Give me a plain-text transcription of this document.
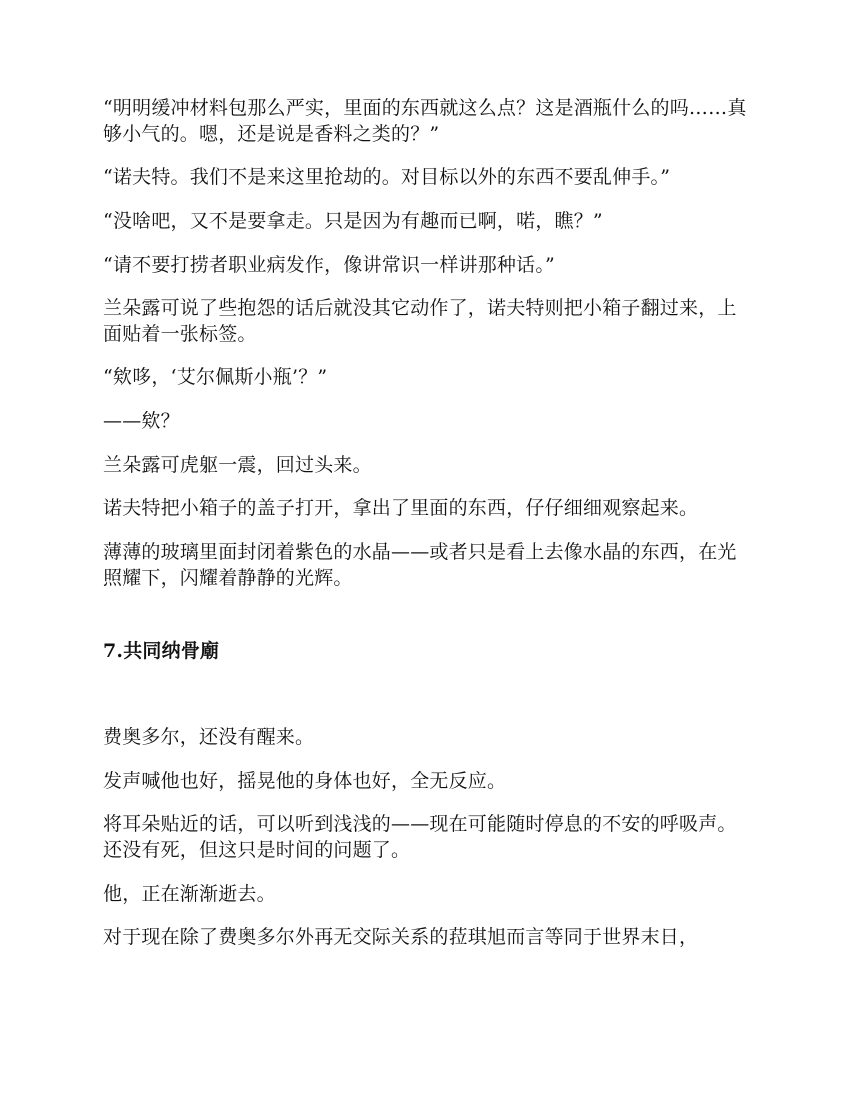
“明明缓冲材料包那么严实，里面的东西就这么点？这是酒瓶什么的吗……真够小气的。嗯，还是说是香料之类的？”

“诺夫特。我们不是来这里抢劫的。对目标以外的东西不要乱伸手。”

“没啥吧，又不是要拿走。只是因为有趣而已啊，喏，瞧？”

“请不要打捞者职业病发作，像讲常识一样讲那种话。”

兰朵露可说了些抱怨的话后就没其它动作了，诺夫特则把小箱子翻过来，上面贴着一张标签。

“欸哆，‘艾尔佩斯小瓶’？”

——欸？

兰朵露可虎躯一震，回过头来。

诺夫特把小箱子的盖子打开，拿出了里面的东西，仔仔细细观察起来。

薄薄的玻璃里面封闭着紫色的水晶——或者只是看上去像水晶的东西，在光照耀下，闪耀着静静的光辉。

7.共同纳骨廟

费奥多尔，还没有醒来。

发声喊他也好，摇晃他的身体也好，全无反应。

将耳朵贴近的话，可以听到浅浅的——现在可能随时停息的不安的呼吸声。还没有死，但这只是时间的问题了。

他，正在渐渐逝去。

对于现在除了费奥多尔外再无交际关系的菈琪旭而言等同于世界末日，
